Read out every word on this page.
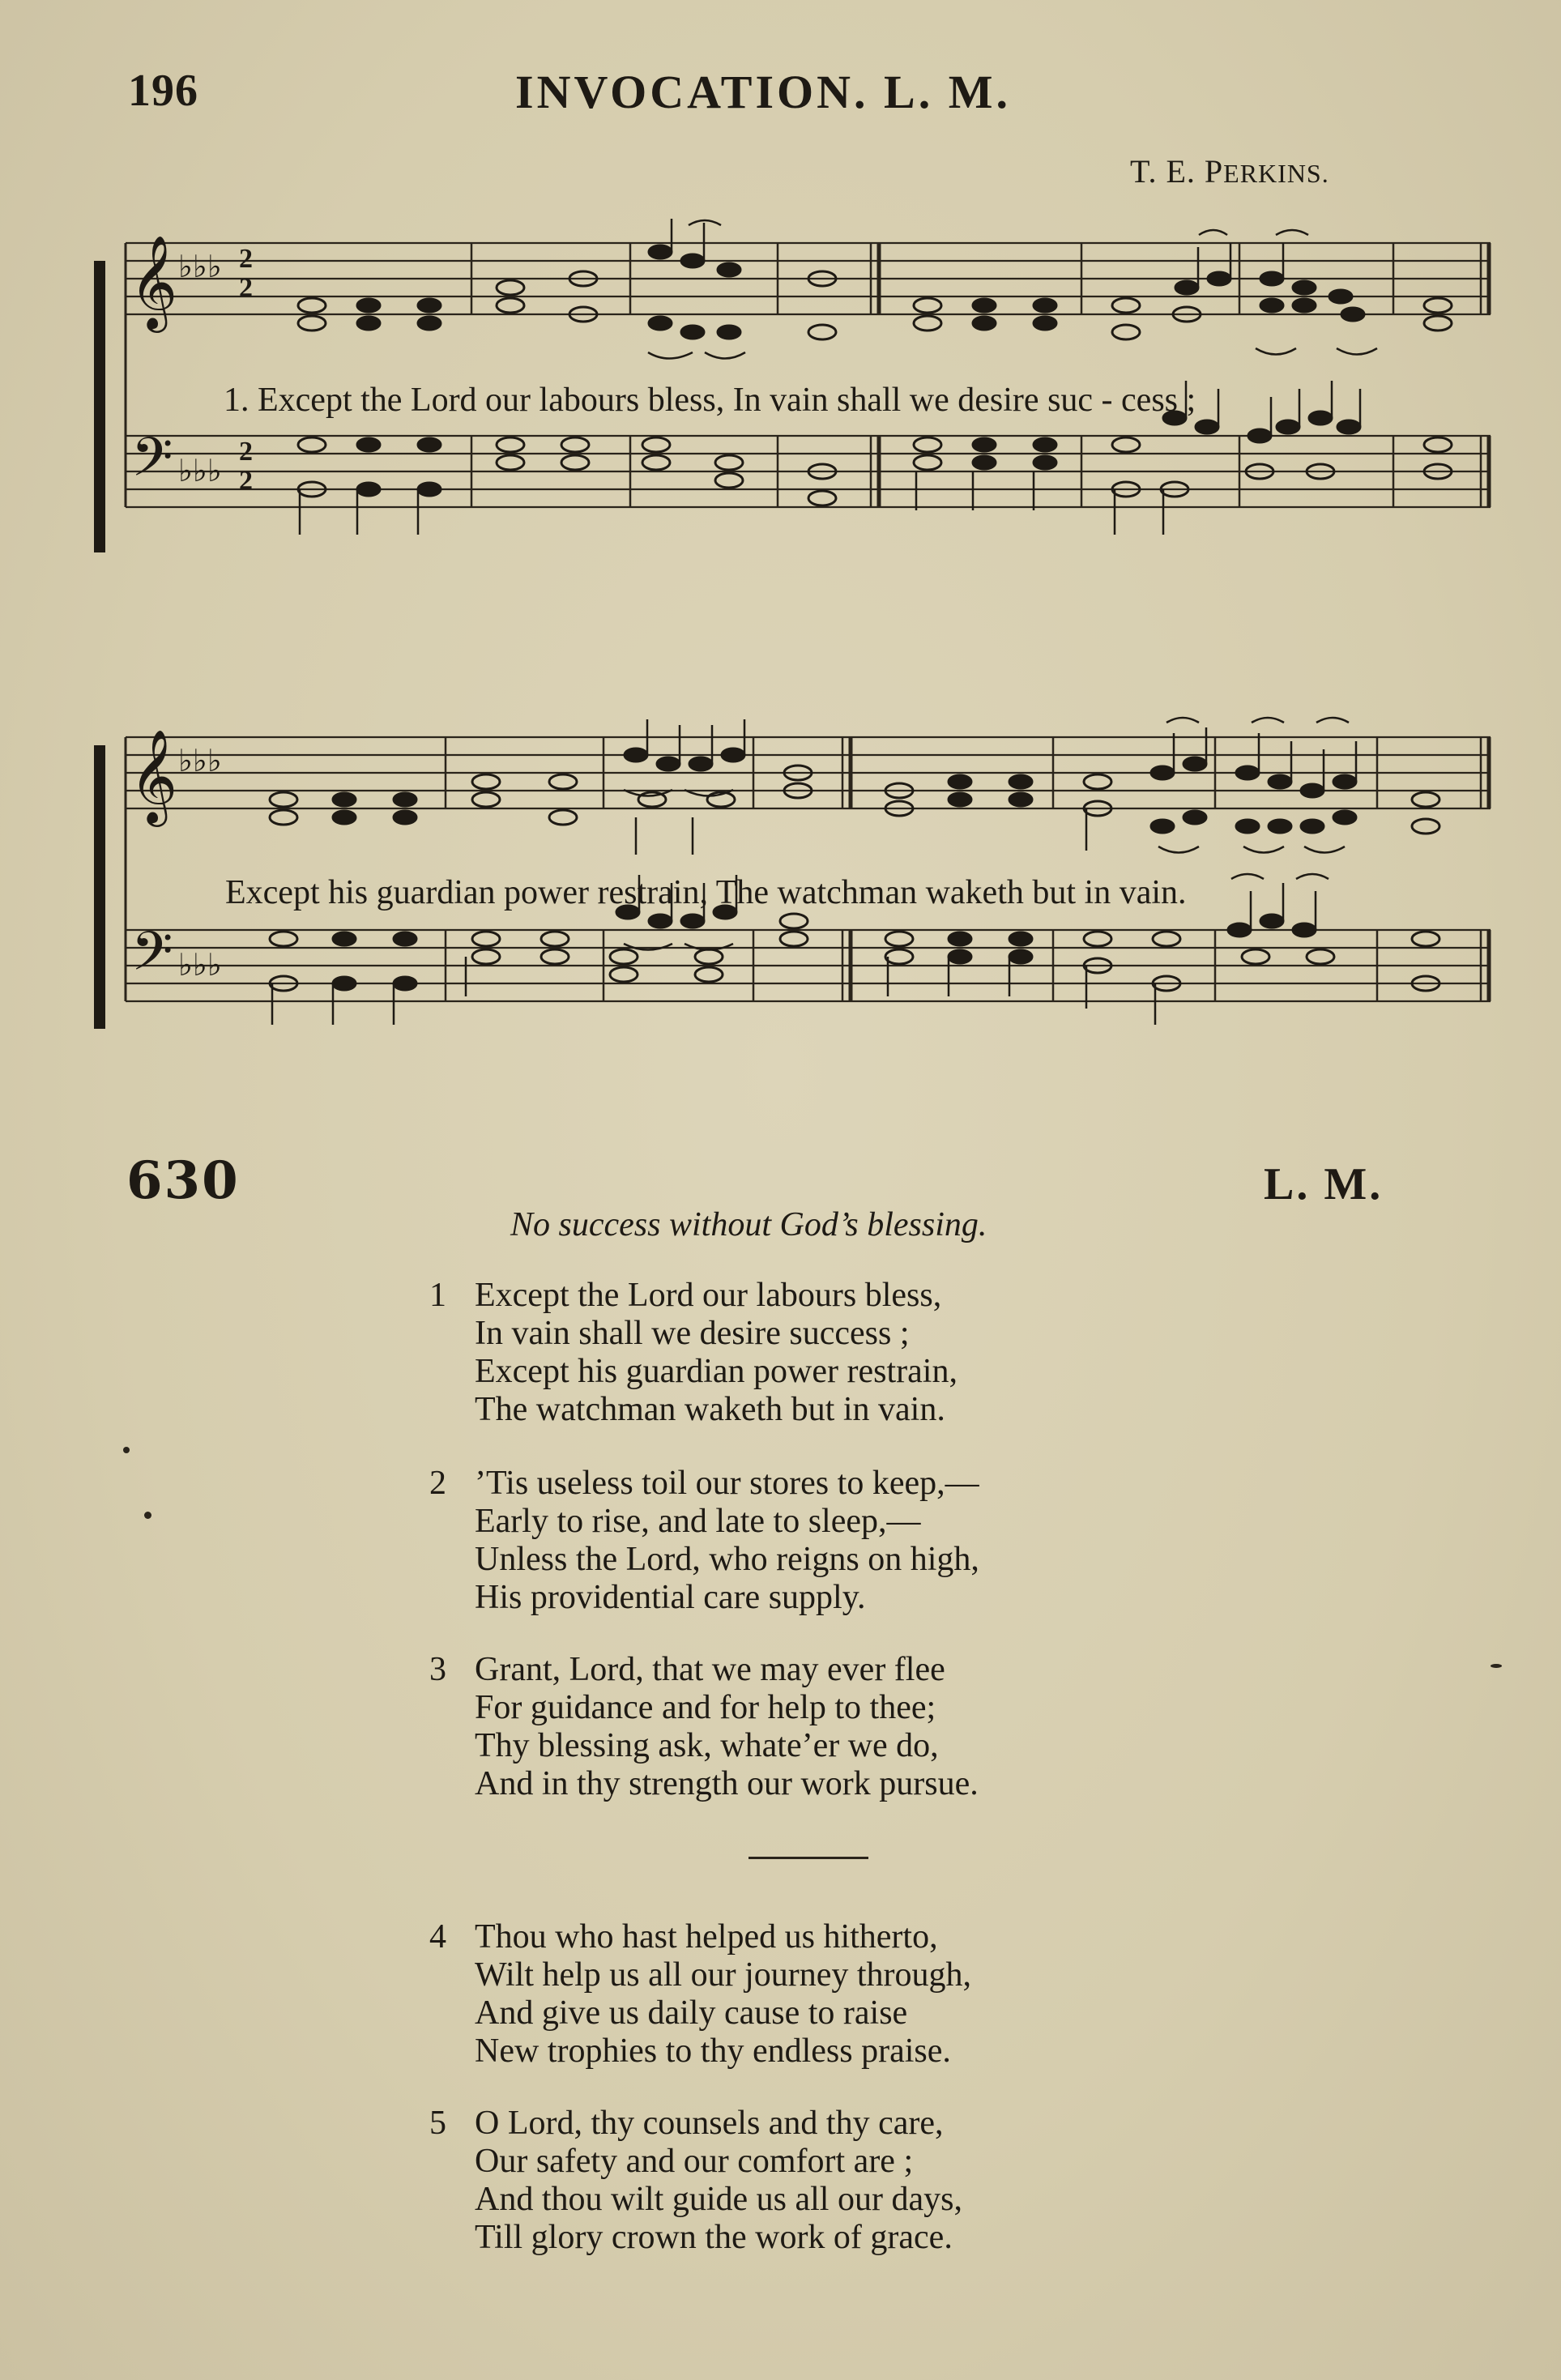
196	INVOCATION. L. M.
T. E. PERKINS.
𝄞
𝄢
♭♭♭
♭♭♭
2
2
2
2
1. Except the Lord our labours bless, In vain shall we desire suc - cess ;
𝄞
𝄢
♭♭♭
♭♭♭
Except his guardian power restrain, The watchman waketh but in vain.
630	L. M.
No success without God’s blessing.
1 Except the Lord our labours bless,
In vain shall we desire success ;
Except his guardian power restrain,
The watchman waketh but in vain.
2 ’Tis useless toil our stores to keep,—
Early to rise, and late to sleep,—
Unless the Lord, who reigns on high,
His providential care supply.
3 Grant, Lord, that we may ever flee
For guidance and for help to thee;
Thy blessing ask, whate’er we do,
And in thy strength our work pursue.
4 Thou who hast helped us hitherto,
Wilt help us all our journey through,
And give us daily cause to raise
New trophies to thy endless praise.
5 O Lord, thy counsels and thy care,
Our safety and our comfort are ;
And thou wilt guide us all our days,
Till glory crown the work of grace.
